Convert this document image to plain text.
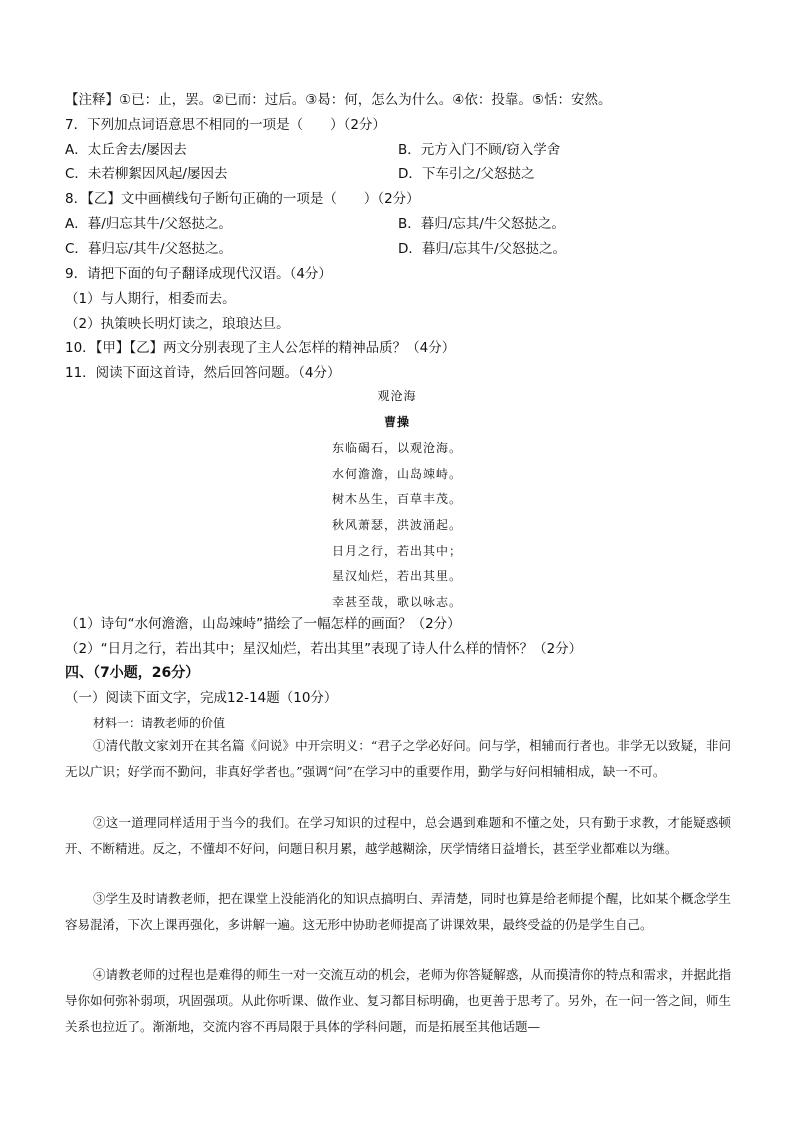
【注释】①已：止，罢。②已而：过后。③曷：何，怎么为什么。④依：投靠。⑤恬：安然。
7．下列加点词语意思不相同的一项是（　　）（2分）
A．太丘舍去/屡因去	B．元方入门不顾/窃入学舍
C．未若柳絮因风起/屡因去	D．下车引之/父怒挞之
8．【乙】文中画横线句子断句正确的一项是（　　）（2分）
A．暮/归忘其牛/父怒挞之。	B．暮归/忘其/牛父怒挞之。
C．暮归忘/其牛/父怒挞之。	D．暮归/忘其牛/父怒挞之。
9．请把下面的句子翻译成现代汉语。（4分）
（1）与人期行，相委而去。
（2）执策映长明灯读之，琅琅达旦。
10．【甲】【乙】两文分别表现了主人公怎样的精神品质？（4分）
11．阅读下面这首诗，然后回答问题。（4分）
观沧海
曹操
东临碣石，以观沧海。
水何澹澹，山岛竦峙。
树木丛生，百草丰茂。
秋风萧瑟，洪波涌起。
日月之行，若出其中；
星汉灿烂，若出其里。
幸甚至哉，歌以咏志。
（1）诗句“水何澹澹，山岛竦峙”描绘了一幅怎样的画面？（2分）
（2）“日月之行，若出其中；星汉灿烂，若出其里”表现了诗人什么样的情怀？（2分）
四、（7小题，26分）
（一）阅读下面文字，完成12-14题（10分）
材料一：请教老师的价值
①清代散文家刘开在其名篇《问说》中开宗明义：“君子之学必好问。问与学，相辅而行者也。非学无以致疑，非问无以广识；好学而不勤问，非真好学者也。”强调“问”在学习中的重要作用，勤学与好问相辅相成，缺一不可。
②这一道理同样适用于当今的我们。在学习知识的过程中，总会遇到难题和不懂之处，只有勤于求教，才能疑惑顿开、不断精进。反之，不懂却不好问，问题日积月累，越学越糊涂，厌学情绪日益增长，甚至学业都难以为继。
③学生及时请教老师，把在课堂上没能消化的知识点搞明白、弄清楚，同时也算是给老师提个醒，比如某个概念学生容易混淆，下次上课再强化，多讲解一遍。这无形中协助老师提高了讲课效果，最终受益的仍是学生自己。
④请教老师的过程也是难得的师生一对一交流互动的机会，老师为你答疑解惑，从而摸清你的特点和需求，并据此指导你如何弥补弱项，巩固强项。从此你听课、做作业、复习都目标明确，也更善于思考了。另外，在一问一答之间，师生关系也拉近了。渐渐地，交流内容不再局限于具体的学科问题，而是拓展至其他话题—
